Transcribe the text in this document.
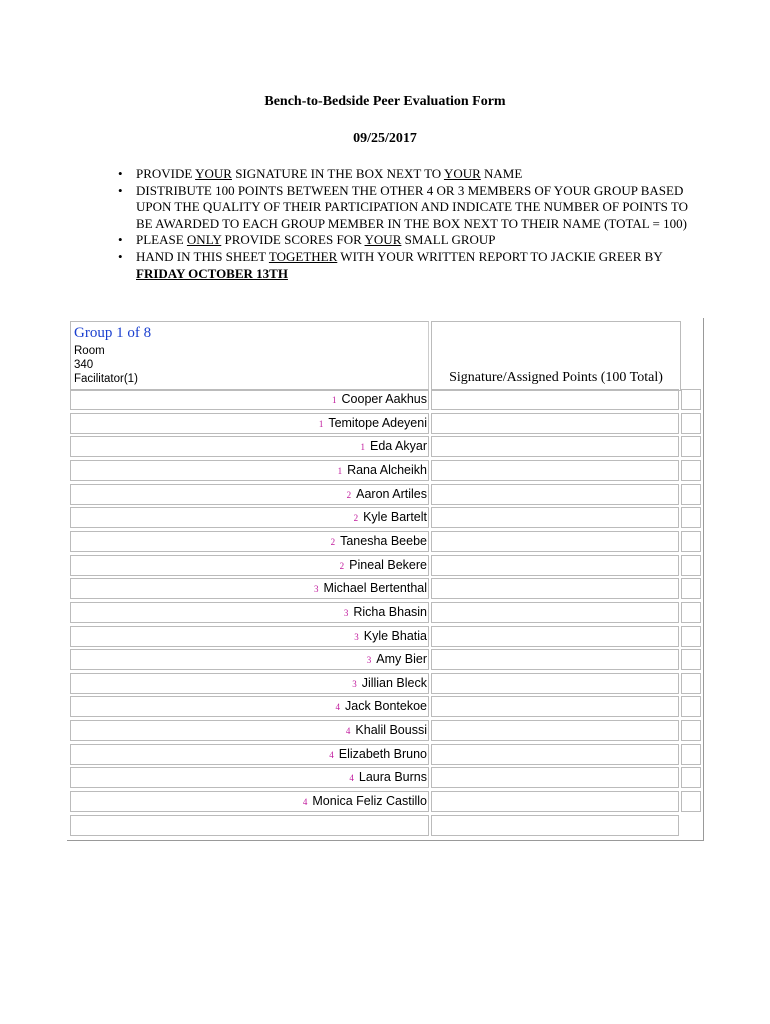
Bench-to-Bedside Peer Evaluation Form
09/25/2017
• PROVIDE YOUR SIGNATURE IN THE BOX NEXT TO YOUR NAME
• DISTRIBUTE 100 POINTS BETWEEN THE OTHER 4 OR 3 MEMBERS OF YOUR GROUP BASED UPON THE QUALITY OF THEIR PARTICIPATION AND INDICATE THE NUMBER OF POINTS TO BE AWARDED TO EACH GROUP MEMBER IN THE BOX NEXT TO THEIR NAME (TOTAL = 100)
• PLEASE ONLY PROVIDE SCORES FOR YOUR SMALL GROUP
• HAND IN THIS SHEET TOGETHER WITH YOUR WRITTEN REPORT TO JACKIE GREER BY FRIDAY OCTOBER 13TH
Group 1 of 8
Room
340
Facilitator(1)	Signature/Assigned Points (100 Total)
1 Cooper Aakhus
1 Temitope Adeyeni
1 Eda Akyar
1 Rana Alcheikh
2 Aaron Artiles
2 Kyle Bartelt
2 Tanesha Beebe
2 Pineal Bekere
3 Michael Bertenthal
3 Richa Bhasin
3 Kyle Bhatia
3 Amy Bier
3 Jillian Bleck
4 Jack Bontekoe
4 Khalil Boussi
4 Elizabeth Bruno
4 Laura Burns
4 Monica Feliz Castillo
